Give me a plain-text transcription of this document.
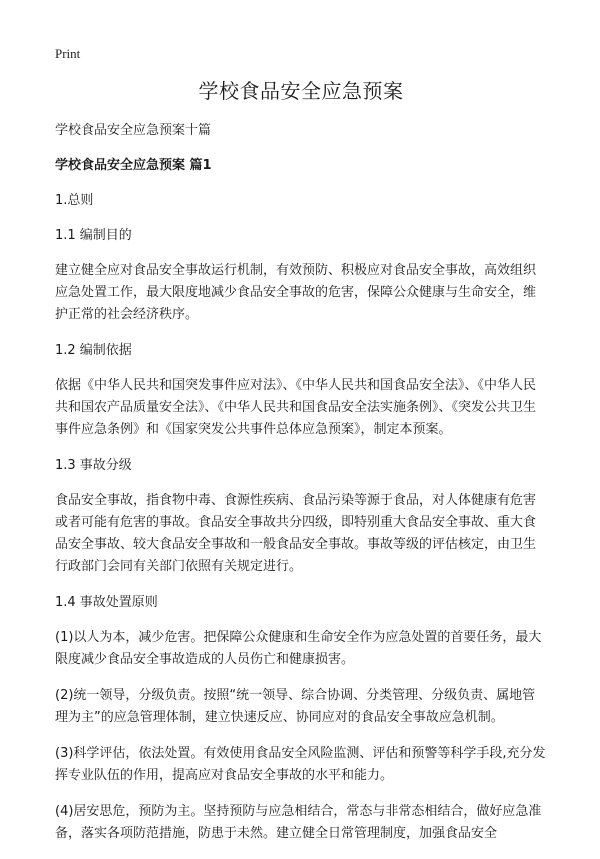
Print
学校食品安全应急预案

学校食品安全应急预案十篇

学校食品安全应急预案 篇1

1.总则

1.1 编制目的

建立健全应对食品安全事故运行机制，有效预防、积极应对食品安全事故，高效组织应急处置工作，最大限度地减少食品安全事故的危害，保障公众健康与生命安全，维护正常的社会经济秩序。

1.2 编制依据

依据《中华人民共和国突发事件应对法》、《中华人民共和国食品安全法》、《中华人民共和国农产品质量安全法》、《中华人民共和国食品安全法实施条例》、《突发公共卫生事件应急条例》和《国家突发公共事件总体应急预案》，制定本预案。

1.3 事故分级

食品安全事故，指食物中毒、食源性疾病、食品污染等源于食品，对人体健康有危害或者可能有危害的事故。食品安全事故共分四级，即特别重大食品安全事故、重大食品安全事故、较大食品安全事故和一般食品安全事故。事故等级的评估核定，由卫生行政部门会同有关部门依照有关规定进行。

1.4 事故处置原则

(1)以人为本，减少危害。把保障公众健康和生命安全作为应急处置的首要任务，最大限度减少食品安全事故造成的人员伤亡和健康损害。

(2)统一领导，分级负责。按照“统一领导、综合协调、分类管理、分级负责、属地管理为主”的应急管理体制，建立快速反应、协同应对的食品安全事故应急机制。

(3)科学评估，依法处置。有效使用食品安全风险监测、评估和预警等科学手段,充分发挥专业队伍的作用，提高应对食品安全事故的水平和能力。

(4)居安思危，预防为主。坚持预防与应急相结合，常态与非常态相结合，做好应急准备，落实各项防范措施，防患于未然。建立健全日常管理制度，加强食品安全
